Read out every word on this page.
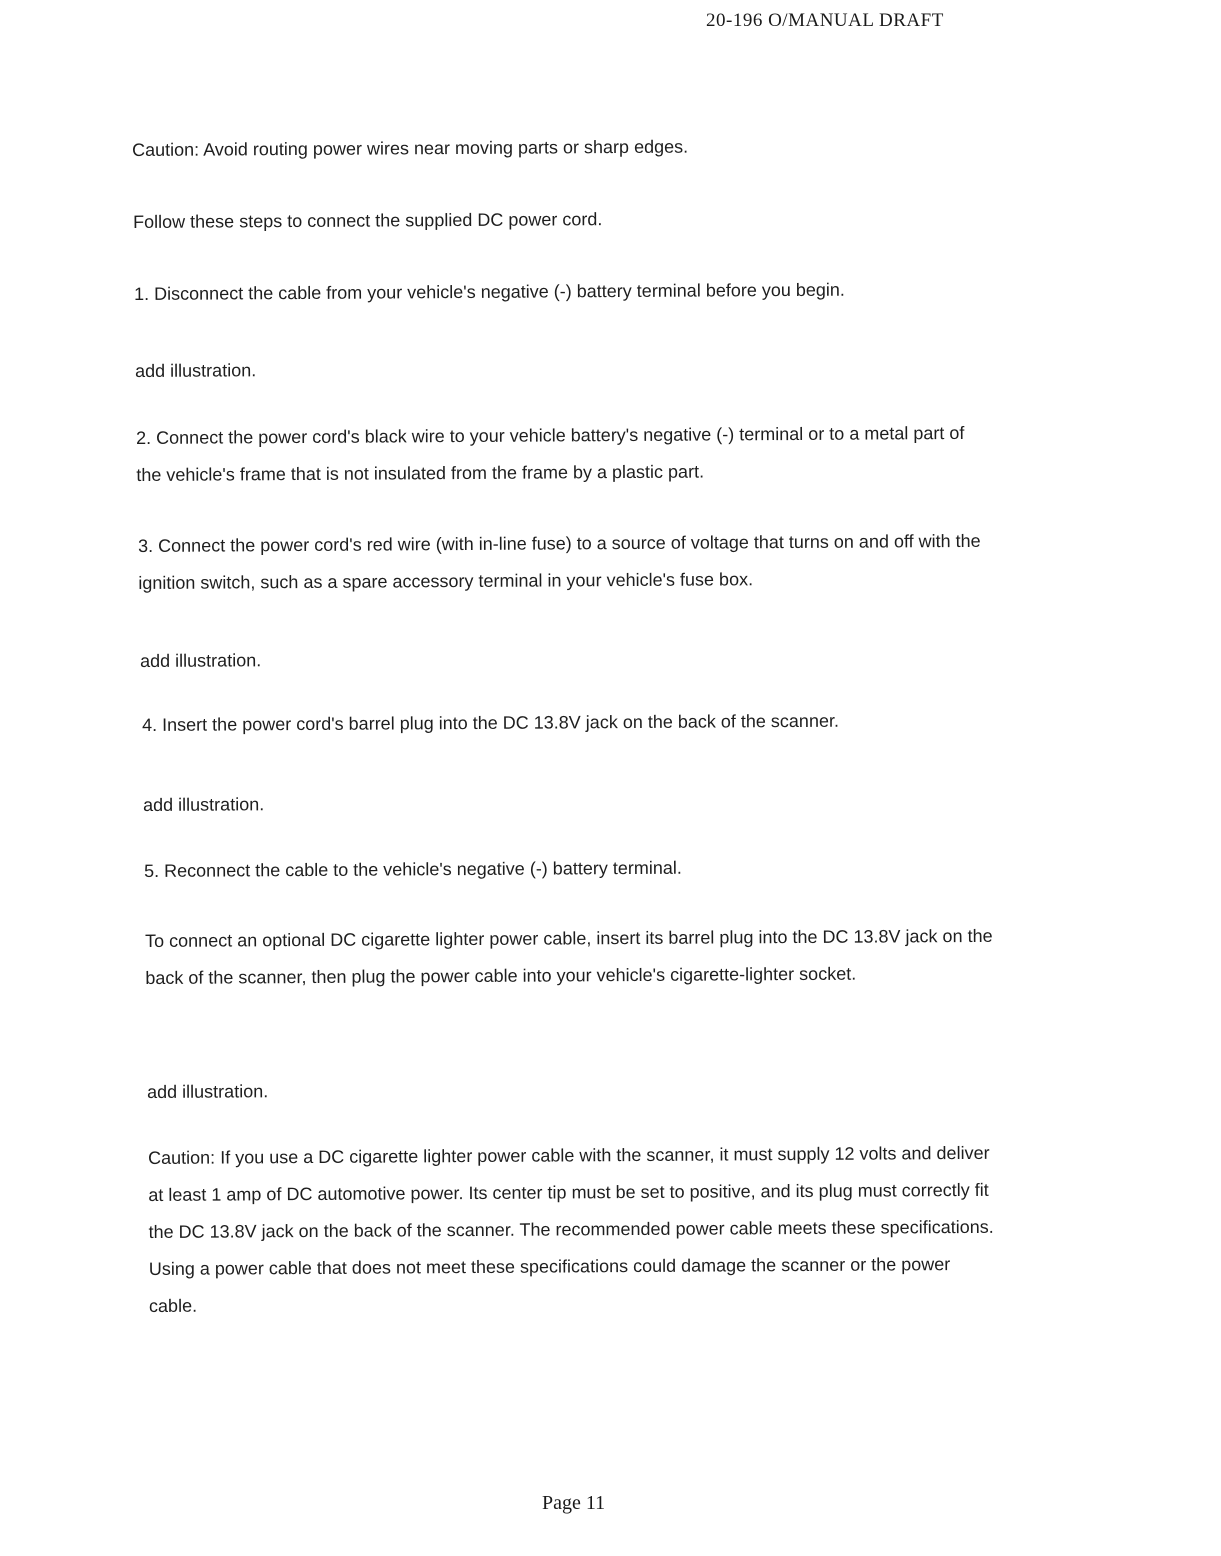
20-196 O/MANUAL DRAFT

Caution: Avoid routing power wires near moving parts or sharp edges.

Follow these steps to connect the supplied DC power cord.

1. Disconnect the cable from your vehicle's negative (-) battery terminal before you begin.

add illustration.

2. Connect the power cord's black wire to your vehicle battery's negative (-) terminal or to a metal part of the vehicle's frame that is not insulated from the frame by a plastic part.

3. Connect the power cord's red wire (with in-line fuse) to a source of voltage that turns on and off with the ignition switch, such as a spare accessory terminal in your vehicle's fuse box.

add illustration.

4. Insert the power cord's barrel plug into the DC 13.8V jack on the back of the scanner.

add illustration.

5. Reconnect the cable to the vehicle's negative (-) battery terminal.

To connect an optional DC cigarette lighter power cable, insert its barrel plug into the DC 13.8V jack on the back of the scanner, then plug the power cable into your vehicle's cigarette-lighter socket.

add illustration.

Caution: If you use a DC cigarette lighter power cable with the scanner, it must supply 12 volts and deliver at least 1 amp of DC automotive power. Its center tip must be set to positive, and its plug must correctly fit the DC 13.8V jack on the back of the scanner. The recommended power cable meets these specifications. Using a power cable that does not meet these specifications could damage the scanner or the power cable.

Page 11
